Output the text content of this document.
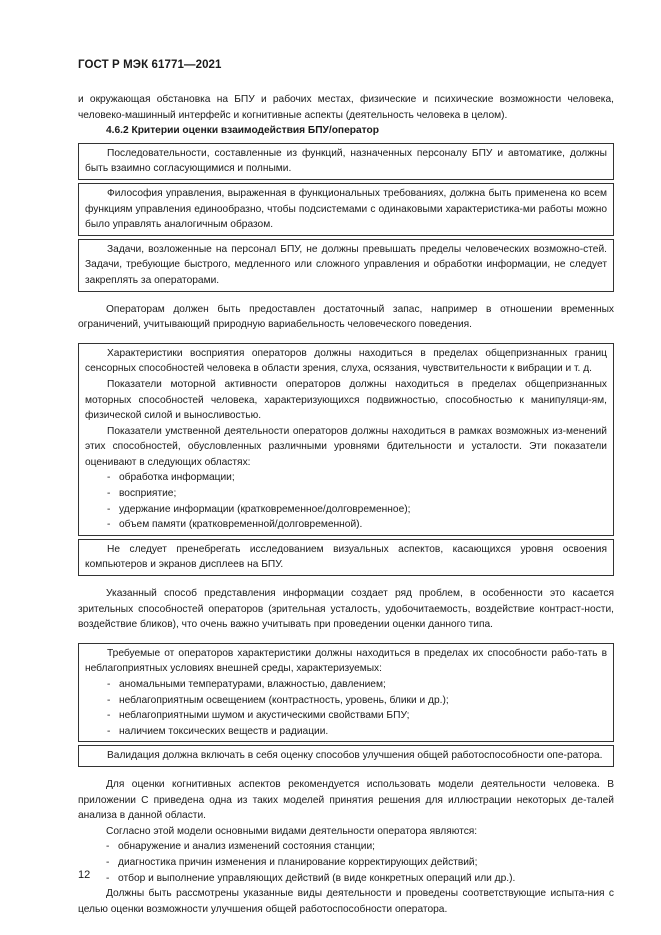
ГОСТ Р МЭК 61771—2021

и окружающая обстановка на БПУ и рабочих местах, физические и психические возможности человека, человеко-машинный интерфейс и когнитивные аспекты (деятельность человека в целом).

4.6.2 Критерии оценки взаимодействия БПУ/оператор

Последовательности, составленные из функций, назначенных персоналу БПУ и автоматике, должны быть взаимно согласующимися и полными.

Философия управления, выраженная в функциональных требованиях, должна быть применена ко всем функциям управления единообразно, чтобы подсистемами с одинаковыми характеристика-ми работы можно было управлять аналогичным образом.

Задачи, возложенные на персонал БПУ, не должны превышать пределы человеческих возможно-стей. Задачи, требующие быстрого, медленного или сложного управления и обработки информации, не следует закреплять за операторами.

Операторам должен быть предоставлен достаточный запас, например в отношении временных ограничений, учитывающий природную вариабельность человеческого поведения.

Характеристики восприятия операторов должны находиться в пределах общепризнанных границ сенсорных способностей человека в области зрения, слуха, осязания, чувствительности к вибрации и т. д.

Показатели моторной активности операторов должны находиться в пределах общепризнанных моторных способностей человека, характеризующихся подвижностью, способностью к манипуляци-ям, физической силой и выносливостью.

Показатели умственной деятельности операторов должны находиться в рамках возможных из-менений этих способностей, обусловленных различными уровнями бдительности и усталости. Эти показатели оценивают в следующих областях:

- обработка информации;
- восприятие;
- удержание информации (кратковременное/долговременное);
- объем памяти (кратковременной/долговременной).

Не следует пренебрегать исследованием визуальных аспектов, касающихся уровня освоения компьютеров и экранов дисплеев на БПУ.

Указанный способ представления информации создает ряд проблем, в особенности это касается зрительных способностей операторов (зрительная усталость, удобочитаемость, воздействие контраст-ности, воздействие бликов), что очень важно учитывать при проведении оценки данного типа.

Требуемые от операторов характеристики должны находиться в пределах их способности рабо-тать в неблагоприятных условиях внешней среды, характеризуемых:

- аномальными температурами, влажностью, давлением;
- неблагоприятным освещением (контрастность, уровень, блики и др.);
- неблагоприятными шумом и акустическими свойствами БПУ;
- наличием токсических веществ и радиации.

Валидация должна включать в себя оценку способов улучшения общей работоспособности опе-ратора.

Для оценки когнитивных аспектов рекомендуется использовать модели деятельности человека. В приложении С приведена одна из таких моделей принятия решения для иллюстрации некоторых де-талей анализа в данной области.

Согласно этой модели основными видами деятельности оператора являются:

- обнаружение и анализ изменений состояния станции;
- диагностика причин изменения и планирование корректирующих действий;
- отбор и выполнение управляющих действий (в виде конкретных операций или др.).

Должны быть рассмотрены указанные виды деятельности и проведены соответствующие испыта-ния с целью оценки возможности улучшения общей работоспособности оператора.

12
